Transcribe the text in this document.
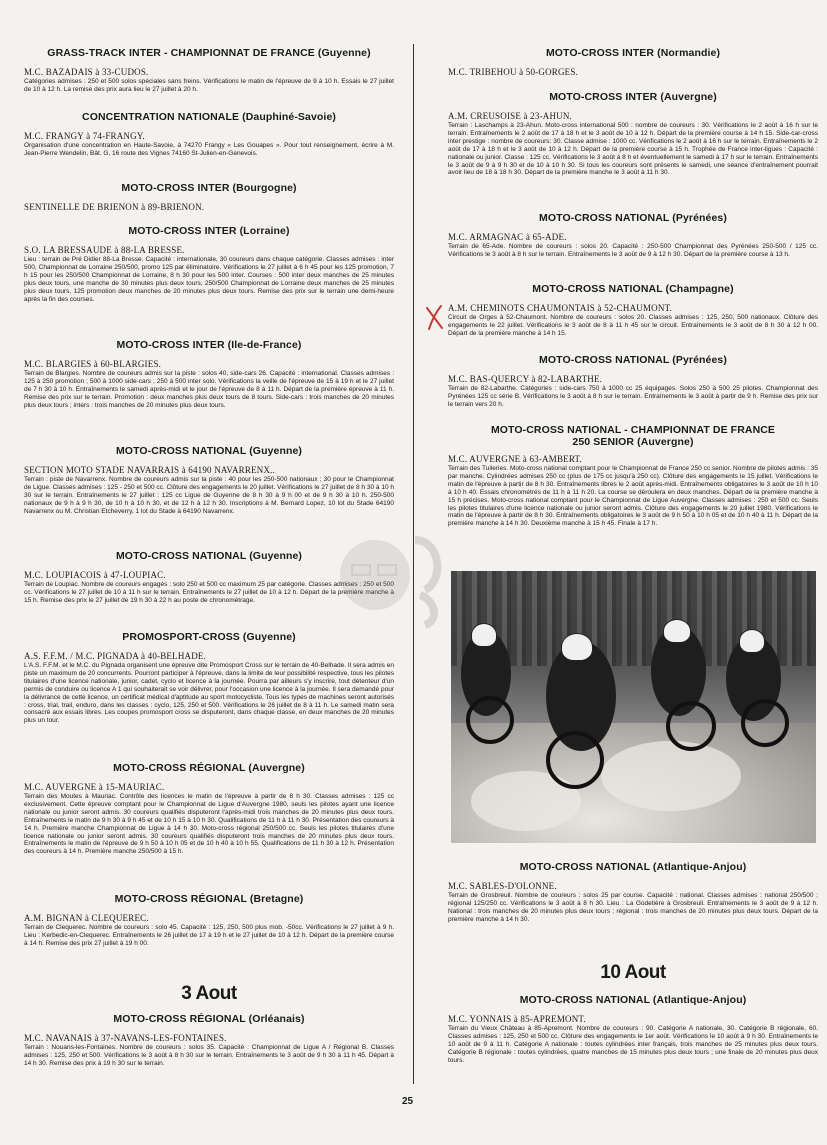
GRASS-TRACK INTER - CHAMPIONNAT DE FRANCE (Guyenne)

M.C. BAZADAIS à 33-CUDOS.

Catégories admises : 250 et 500 solos spéciales sans freins. Vérifications le matin de l'épreuve de 9 à 10 h. Essais le 27 juillet de 10 à 12 h. La remise des prix aura lieu le 27 juillet à 20 h.

CONCENTRATION NATIONALE (Dauphiné-Savoie)

M.C. FRANGY à 74-FRANGY.

Organisation d'une concentration en Haute-Savoie, à 74270 Frangy « Les Gouapes ». Pour tout renseignement, écrire à M. Jean-Pierre Wendelin, Bât. G, 16 route des Vignes 74160 St-Julien-en-Genevois.

MOTO-CROSS INTER (Bourgogne)

SENTINELLE DE BRIENON à 89-BRIENON.

MOTO-CROSS INTER (Lorraine)

S.O. LA BRESSAUDE à 88-LA BRESSE.

Lieu : terrain de Pré Didier 88-La Bresse. Capacité : internationale, 30 coureurs dans chaque catégorie. Classes admises : inter 500, Championnat de Lorraine 250/500, promo 125 par éliminatoire. Vérifications le 27 juillet à 6 h 45 pour les 125 promotion, 7 h 15 pour les 250/500 Championnat de Lorraine, 8 h 30 pour les 500 inter. Courses : 500 inter deux manches de 25 minutes plus deux tours, une manche de 30 minutes plus deux tours, 250/500 Championnat de Lorraine deux manches de 25 minutes plus deux tours, 125 promotion deux manches de 20 minutes plus deux tours. Remise des prix sur le terrain une demi-heure après la fin des courses.

MOTO-CROSS INTER (Ile-de-France)

M.C. BLARGIES à 60-BLARGIES.

Terrain de Blargies. Nombre de coureurs admis sur la piste : solos 40, side-cars 26. Capacité : international. Classes admises : 125 à 250 promotion ; 500 à 1000 side-cars ; 250 à 500 inter solo. Vérifications la veille de l'épreuve de 15 à 19 h et le 27 juillet de 7 h 30 à 10 h. Entraînements le samedi après-midi et le jour de l'épreuve de 8 à 11 h. Départ de la première épreuve à 11 h. Remise des prix sur le terrain. Promotion : deux manches plus deux tours de 8 tours. Side-cars : trois manches de 20 minutes plus deux tours ; inters : trois manches de 20 minutes plus deux tours.

MOTO-CROSS NATIONAL (Guyenne)

SECTION MOTO STADE NAVARRAIS à 64190 NAVARRENX..

Terrain : piste de Navarrenx. Nombre de coureurs admis sur la piste : 40 pour les 250-500 nationaux ; 30 pour le Championnat de Ligue. Classes admises : 125 - 250 et 500 cc. Clôture des engagements le 20 juillet. Vérifications le 27 juillet de 8 h 30 à 10 h 30 sur le terrain. Entraînements le 27 juillet : 125 cc Ligue de Guyenne de 8 h 30 à 9 h 00 et de 9 h 30 à 10 h. 250-500 nationaux de 9 h à 9 h 30, de 10 h à 10 h 30, et de 12 h à 12 h 30. Inscriptions à M. Bernard Lopez, 10 lot du Stade 64190 Navarrenx ou M. Christian Etcheverry, 1 lot du Stade à 64190 Navarrenx.

MOTO-CROSS NATIONAL (Guyenne)

M.C. LOUPIACOIS à 47-LOUPIAC.

Terrain de Loupiac. Nombre de coureurs engagés : solo 250 et 500 cc maximum 25 par catégorie. Classes admises : 250 et 500 cc. Vérifications le 27 juillet de 10 à 11 h sur le terrain. Entraînements le 27 juillet de 10 à 12 h. Départ de la première manche à 15 h. Remise des prix le 27 juillet de 19 h 30 à 22 h au poste de chronométrage.

PROMOSPORT-CROSS (Guyenne)

A.S. F.F.M. / M.C. PIGNADA à 40-BELHADE.

L'A.S. F.F.M. et le M.C. du Pignada organisent une épreuve dite Promosport Cross sur le terrain de 40-Belhade. Il sera admis en piste un maximum de 20 concurrents. Pourront participer à l'épreuve, dans la limite de leur possibilité respective, tous les pilotes titulaires d'une licence nationale, junior, cadet, cyclo et licence à la journée. Pourra par ailleurs s'y inscrire, tout détenteur d'un permis de conduire ou licence A 1 qui souhaiterait se voir délivrer, pour l'occasion une licence à la journée. Il sera demandé pour la délivrance de cette licence, un certificat médical d'aptitude au sport motocycliste. Tous les types de machines seront autorisés : cross, trial, trail, enduro, dans les classes : cyclo, 125, 250 et 500. Vérifications le 26 juillet de 8 à 11 h. Le samedi matin sera consacré aux essais libres. Les coupes promosport cross se disputeront, dans chaque classe, en deux manches de 20 minutes plus un tour.

MOTO-CROSS RÉGIONAL (Auvergne)

M.C. AUVERGNE à 15-MAURIAC.

Terrain des Moutes à Mauriac. Contrôle des licences le matin de l'épreuve à partir de 8 h 30. Classes admises : 125 cc exclusivement. Cette épreuve comptant pour le Championnat de Ligue d'Auvergne 1980, seuls les pilotes ayant une licence nationale ou junior seront admis. 30 coureurs qualifiés disputeront l'après-midi trois manches de 20 minutes plus deux tours. Entraînements le matin de 9 h 30 à 9 h 45 et de 10 h 15 à 10 h 30. Qualifications de 11 h à 11 h 30. Présentation des coureurs à 14 h. Première manche Championnat de Ligue à 14 h 30. Moto-cross régional 250/500 cc. Seuls les pilotes titulaires d'une licence nationale ou junior seront admis. 30 coureurs qualifiés disputeront trois manches de 20 minutes plus deux tours. Entraînements le matin de l'épreuve de 9 h 50 à 10 h 05 et de 10 h 40 à 10 h 55. Qualifications de 11 h 30 à 12 h. Présentation des coureurs à 14 h. Première manche 250/500 à 15 h.

MOTO-CROSS RÉGIONAL (Bretagne)

A.M. BIGNAN à CLEQUEREC.

Terrain de Clequerec. Nombre de coureurs : solo 45. Capacité : 125, 250, 500 plus mob. -50cc. Vérifications le 27 juillet à 9 h. Lieu : Kerbedic-en-Clequerec. Entraînements le 26 juillet de 17 à 19 h et le 27 juillet de 10 à 12 h. Départ de la première course à 14 h. Remise des prix 27 juillet à 19 h 00.

3 Aout
MOTO-CROSS RÉGIONAL (Orléanais)

M.C. NAVANAIS à 37-NAVANS-LES-FONTAINES.

Terrain : Nouans-les-Fontaines. Nombre de coureurs : solos 35. Capacité : Championnat de Ligue A / Régional B. Classes admises : 125, 250 et 500. Vérifications le 3 août à 8 h 30 sur le terrain. Entraînements le 3 août de 9 h 30 à 11 h 45. Départ à 14 h 30. Remise des prix à 19 h 30 sur le terrain.

MOTO-CROSS INTER (Normandie)

M.C. TRIBEHOU à 50-GORGES.

MOTO-CROSS INTER (Auvergne)

A.M. CREUSOISE à 23-AHUN.

Terrain : Laschamps à 23-Ahun. Moto-cross international 500 : nombre de coureurs : 30. Vérifications le 2 août à 16 h sur le terrain. Entraînements le 2 août de 17 à 18 h et le 3 août de 10 à 12 h. Départ de la première course à 14 h 15. Side-car-cross inter prestige : nombre de coureurs: 30. Classe admise : 1000 cc. Vérifications le 2 août à 16 h sur le terrain. Entraînements le 2 août de 17 à 18 h et le 3 août de 10 à 12 h. Départ de la première course à 15 h. Trophée de France inter-ligues : Capacité : nationale ou junior. Classe : 125 cc. Vérifications le 3 août à 8 h et éventuellement le samedi à 17 h sur le terrain. Entraînements le 3 août de 9 à 9 h 30 et de 10 à 10 h 30. Si tous les coureurs sont présents le samedi, une séance d'entraînement pourrait avoir lieu de 18 à 18 h 30. Départ de la première manche le 3 août à 11 h 30.

MOTO-CROSS NATIONAL (Pyrénées)

M.C. ARMAGNAC à 65-ADE.

Terrain de 65-Ade. Nombre de coureurs : solos 20. Capacité : 250-500 Championnat des Pyrénées 250-500 / 125 cc. Vérifications le 3 août à 8 h sur le terrain. Entraînements le 3 août de 9 à 12 h 30. Départ de la première course à 13 h.

MOTO-CROSS NATIONAL (Champagne)

A.M. CHEMINOTS CHAUMONTAIS à 52-CHAUMONT.

Circuit de Orges à 52-Chaumont. Nombre de coureurs : solos 20. Classes admises : 125, 250, 500 nationaux. Clôture des engagements le 22 juillet. Vérifications le 3 août de 8 à 11 h 45 sur le circuit. Entraînements le 3 août de 8 h 30 à 12 h 00. Départ de la première manche à 14 h 15.

MOTO-CROSS NATIONAL (Pyrénées)

M.C. BAS-QUERCY à 82-LABARTHE.

Terrain de 82-Labarthe. Catégories : side-cars 750 à 1000 cc 25 équipages. Solos 250 à 500 25 pilotes. Championnat des Pyrénées 125 cc série B. Vérifications le 3 août à 8 h sur le terrain. Entraînements le 3 août à partir de 9 h. Remise des prix sur le terrain vers 20 h.

MOTO-CROSS NATIONAL - CHAMPIONNAT DE FRANCE
250 SENIOR (Auvergne)

M.C. AUVERGNE à 63-AMBERT.

Terrain des Tuileries. Moto-cross national comptant pour le Championnat de France 250 cc senior. Nombre de pilotes admis : 35 par manche. Cylindrées admises 250 cc (plus de 175 cc jusqu'à 250 cc). Clôture des engagements le 15 juillet. Vérifications le matin de l'épreuve à partir de 8 h 30. Entraînements libres le 2 août après-midi. Entraînements obligatoires le 3 août de 10 h 10 à 10 h 40. Essais chronométrés de 11 h à 11 h 20. La course se déroulera en deux manches. Départ de la première manche à 15 h précises. Moto-cross national comptant pour le Championnat de Ligue Auvergne. Classes admises : 250 et 500 cc. Seuls les pilotes titulaires d'une licence nationale ou junior seront admis. Clôture des engagements le 20 juillet 1980. Vérifications le matin de l'épreuve à partir de 8 h 30. Entraînements obligatoires le 3 août de 9 h 50 à 10 h 05 et de 10 h 40 à 11 h. Départ de la première manche à 14 h 30. Deuxième manche à 15 h 45. Finale à 17 h.

MOTO-CROSS NATIONAL (Atlantique-Anjou)

M.C. SABLES-D'OLONNE.

Terrain de Grosbreuil. Nombre de coureurs : solos 25 par course. Capacité : national. Classes admises : national 250/500 ; régional 125/250 cc. Vérifications le 3 août à 8 h 30. Lieu : La Godetière à Grosbreuil. Entraînements le 3 août de 9 à 12 h. National : trois manches de 20 minutes plus deux tours ; régional : trois manches de 20 minutes plus deux tours. Départ de la première manche à 14 h 30.

10 Aout
MOTO-CROSS NATIONAL (Atlantique-Anjou)

M.C. YONNAIS à 85-APREMONT.

Terrain du Vieux Château à 85-Apremont. Nombre de coureurs : 90. Catégorie A nationale, 30. Catégorie B régionale, 60. Classes admises : 125, 250 et 500 cc. Clôture des engagements le 1er août. Vérifications le 10 août à 9 h 30. Entraînements le 10 août de 9 à 11 h. Catégorie A nationale : toutes cylindrées inter français, trois manches de 25 minutes plus deux tours. Catégorie B régionale : toutes cylindrées, quatre manches de 15 minutes plus deux tours ; une finale de 20 minutes plus deux tours.

25
